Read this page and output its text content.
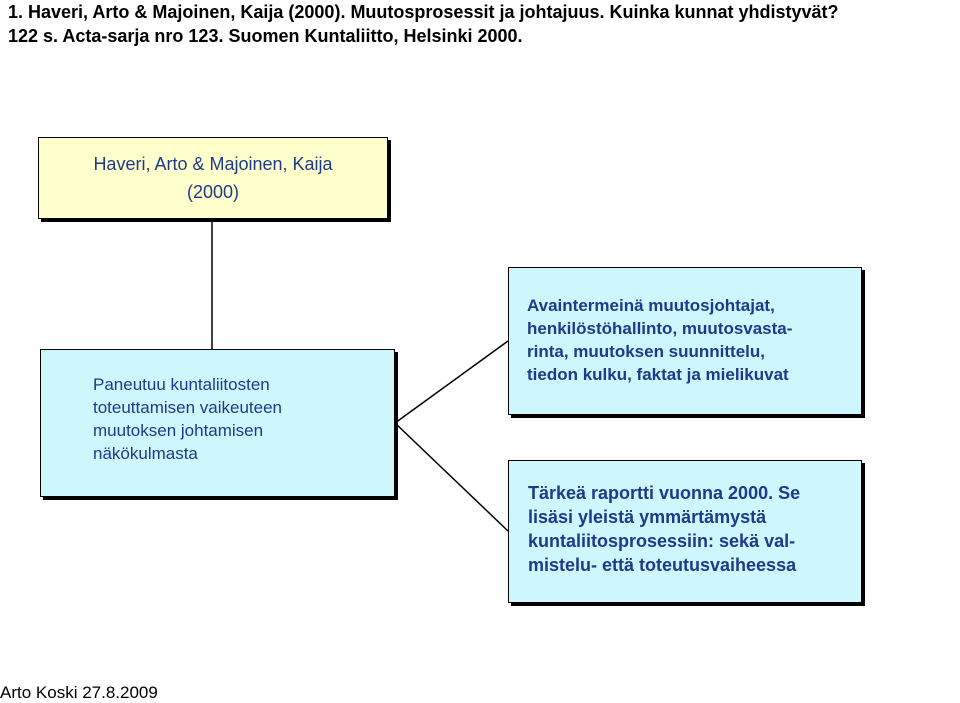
1. Haveri, Arto & Majoinen, Kaija (2000). Muutosprosessit ja johtajuus. Kuinka kunnat yhdistyvät?
122 s. Acta-sarja nro 123. Suomen Kuntaliitto, Helsinki 2000.
Haveri, Arto & Majoinen, Kaija
(2000)
Paneutuu kuntaliitosten
toteuttamisen vaikeuteen
muutoksen johtamisen
näkökulmasta
Avaintermeinä muutosjohtajat,
henkilöstöhallinto, muutosvasta-
rinta, muutoksen suunnittelu,
tiedon kulku, faktat ja mielikuvat
Tärkeä raportti vuonna 2000. Se
lisäsi yleistä ymmärtämystä
kuntaliitosprosessiin: sekä val-
mistelu- että toteutusvaiheessa
Arto Koski 27.8.2009
